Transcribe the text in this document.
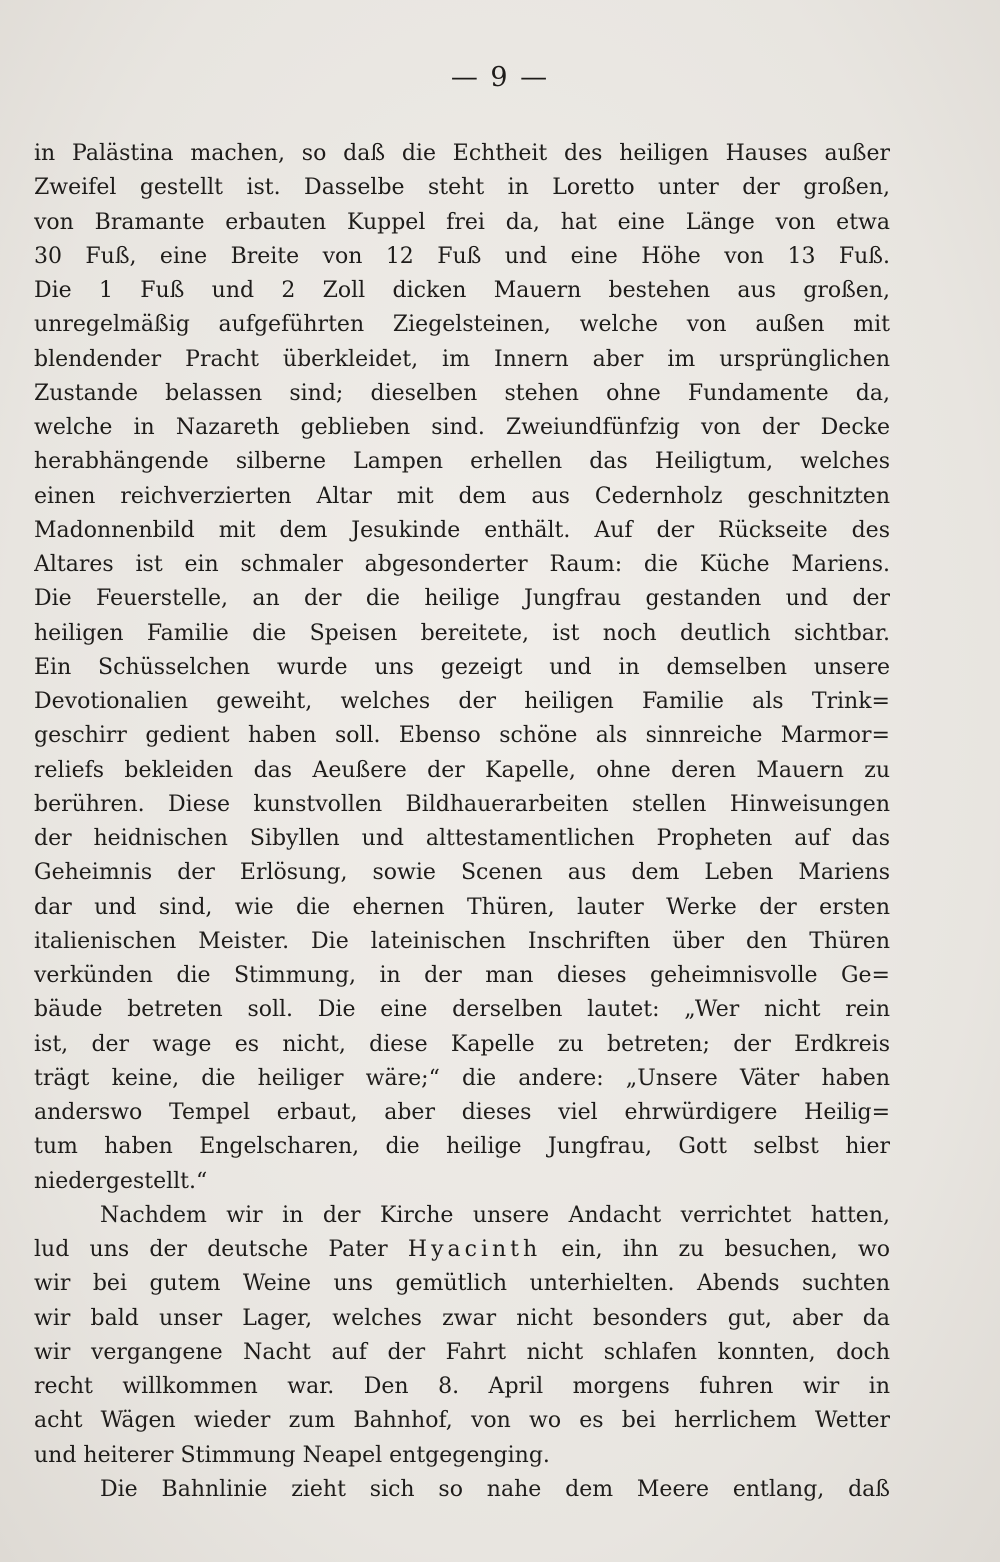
— 9 —
in Palästina machen, so daß die Echtheit des heiligen Hauses außer
Zweifel gestellt ist. Dasselbe steht in Loretto unter der großen,
von Bramante erbauten Kuppel frei da, hat eine Länge von etwa
30 Fuß, eine Breite von 12 Fuß und eine Höhe von 13 Fuß.
Die 1 Fuß und 2 Zoll dicken Mauern bestehen aus großen,
unregelmäßig aufgeführten Ziegelsteinen, welche von außen mit
blendender Pracht überkleidet, im Innern aber im ursprünglichen
Zustande belassen sind; dieselben stehen ohne Fundamente da,
welche in Nazareth geblieben sind. Zweiundfünfzig von der Decke
herabhängende silberne Lampen erhellen das Heiligtum, welches
einen reichverzierten Altar mit dem aus Cedernholz geschnitzten
Madonnenbild mit dem Jesukinde enthält. Auf der Rückseite des
Altares ist ein schmaler abgesonderter Raum: die Küche Mariens.
Die Feuerstelle, an der die heilige Jungfrau gestanden und der
heiligen Familie die Speisen bereitete, ist noch deutlich sichtbar.
Ein Schüsselchen wurde uns gezeigt und in demselben unsere
Devotionalien geweiht, welches der heiligen Familie als Trink=
geschirr gedient haben soll. Ebenso schöne als sinnreiche Marmor=
reliefs bekleiden das Aeußere der Kapelle, ohne deren Mauern zu
berühren. Diese kunstvollen Bildhauerarbeiten stellen Hinweisungen
der heidnischen Sibyllen und alttestamentlichen Propheten auf das
Geheimnis der Erlösung, sowie Scenen aus dem Leben Mariens
dar und sind, wie die ehernen Thüren, lauter Werke der ersten
italienischen Meister. Die lateinischen Inschriften über den Thüren
verkünden die Stimmung, in der man dieses geheimnisvolle Ge=
bäude betreten soll. Die eine derselben lautet: „Wer nicht rein
ist, der wage es nicht, diese Kapelle zu betreten; der Erdkreis
trägt keine, die heiliger wäre;“ die andere: „Unsere Väter haben
anderswo Tempel erbaut, aber dieses viel ehrwürdigere Heilig=
tum haben Engelscharen, die heilige Jungfrau, Gott selbst hier
niedergestellt.“
Nachdem wir in der Kirche unsere Andacht verrichtet hatten,
lud uns der deutsche Pater Hyacinth ein, ihn zu besuchen, wo
wir bei gutem Weine uns gemütlich unterhielten. Abends suchten
wir bald unser Lager, welches zwar nicht besonders gut, aber da
wir vergangene Nacht auf der Fahrt nicht schlafen konnten, doch
recht willkommen war. Den 8. April morgens fuhren wir in
acht Wägen wieder zum Bahnhof, von wo es bei herrlichem Wetter
und heiterer Stimmung Neapel entgegenging.
Die Bahnlinie zieht sich so nahe dem Meere entlang, daß
